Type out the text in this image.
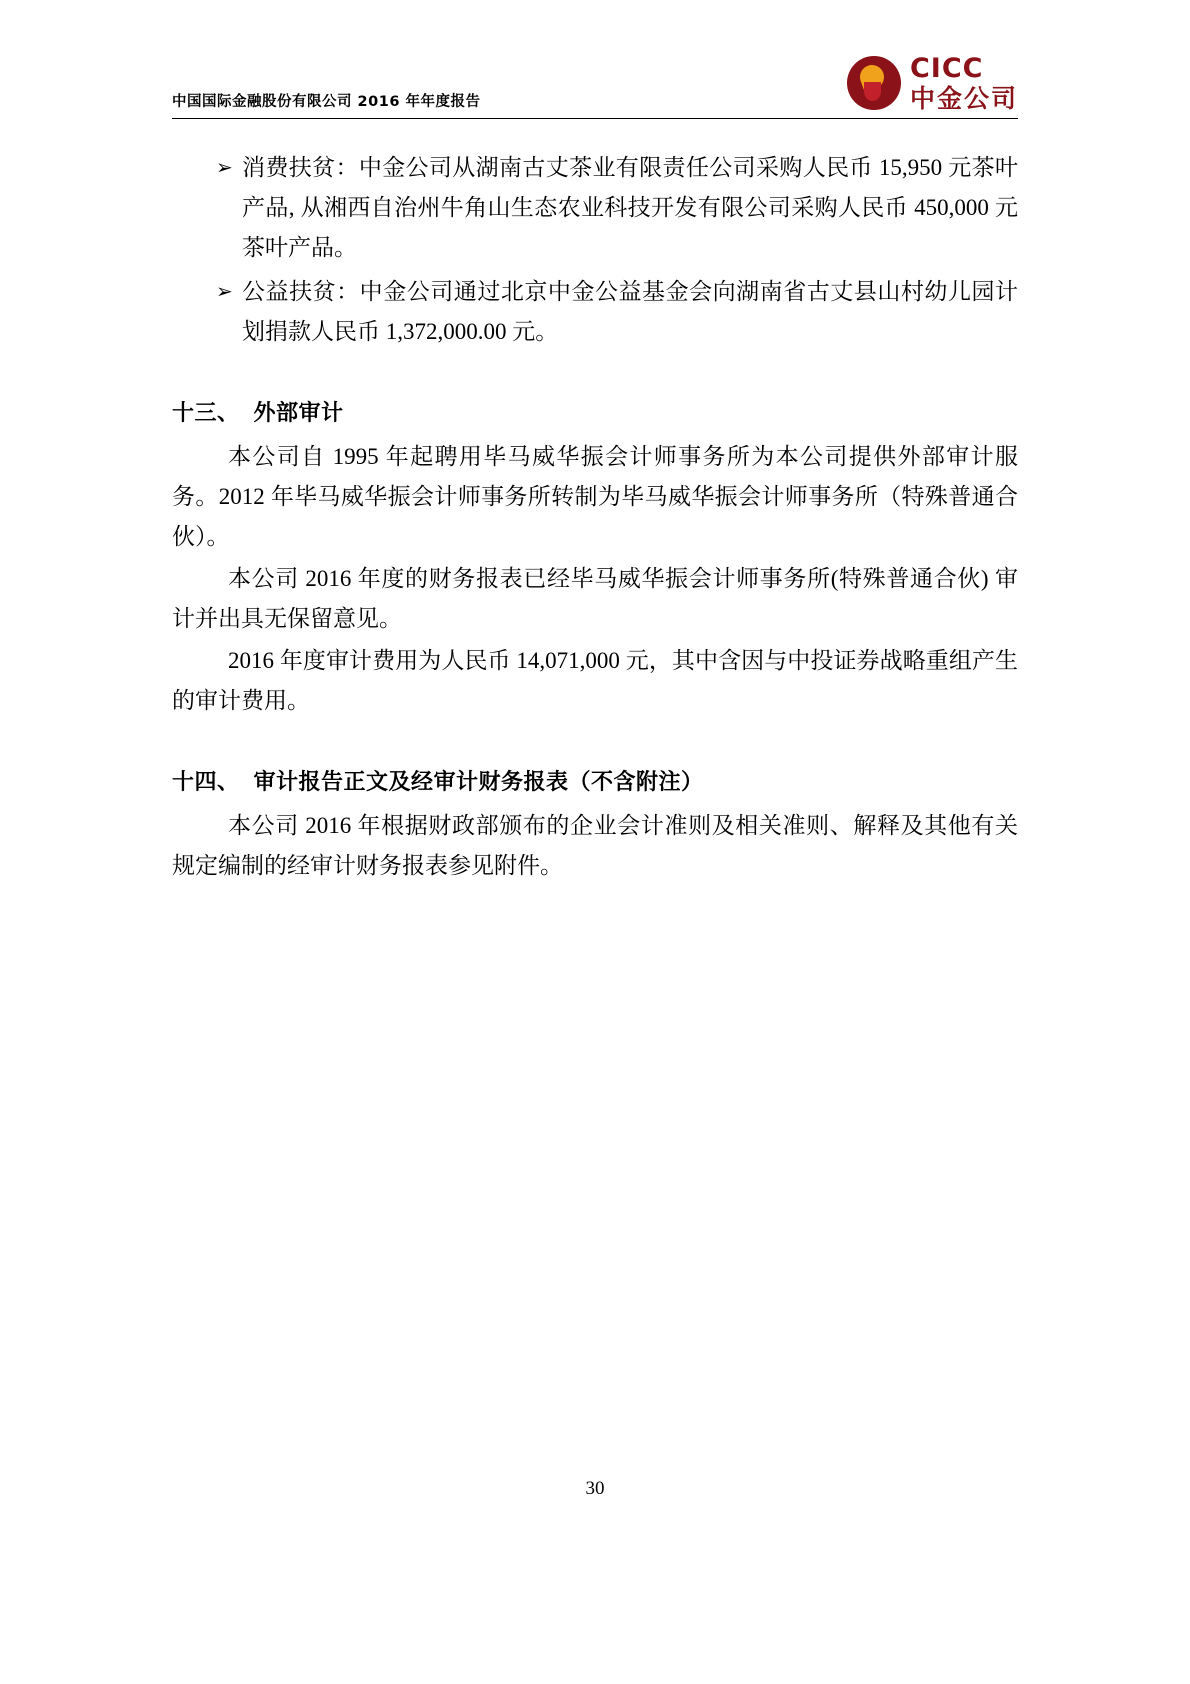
中国国际金融股份有限公司 2016 年年度报告
CICC
中金公司
➢ 消费扶贫：中金公司从湖南古丈茶业有限责任公司采购人民币 15,950 元茶叶产品, 从湘西自治州牛角山生态农业科技开发有限公司采购人民币 450,000 元茶叶产品。
➢ 公益扶贫：中金公司通过北京中金公益基金会向湖南省古丈县山村幼儿园计划捐款人民币 1,372,000.00 元。
十三、 外部审计

本公司自 1995 年起聘用毕马威华振会计师事务所为本公司提供外部审计服务。2012 年毕马威华振会计师事务所转制为毕马威华振会计师事务所（特殊普通合伙）。

本公司 2016 年度的财务报表已经毕马威华振会计师事务所(特殊普通合伙) 审计并出具无保留意见。

2016 年度审计费用为人民币 14,071,000 元，其中含因与中投证券战略重组产生的审计费用。

十四、 审计报告正文及经审计财务报表（不含附注）

本公司 2016 年根据财政部颁布的企业会计准则及相关准则、解释及其他有关规定编制的经审计财务报表参见附件。

30
